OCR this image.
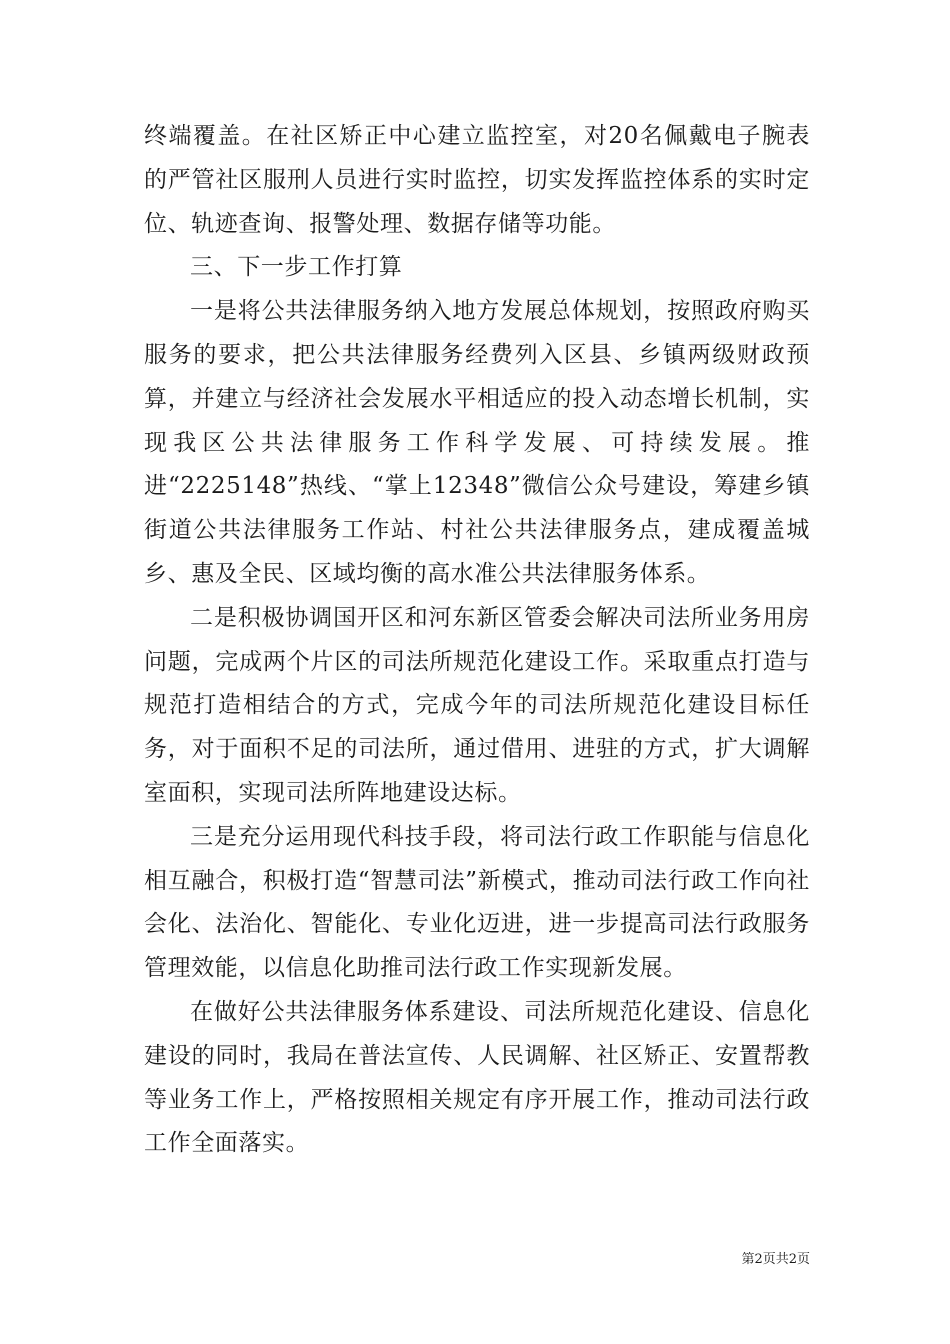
终端覆盖。在社区矫正中心建立监控室，对20名佩戴电子腕表的严管社区服刑人员进行实时监控，切实发挥监控体系的实时定位、轨迹查询、报警处理、数据存储等功能。

三、下一步工作打算

一是将公共法律服务纳入地方发展总体规划，按照政府购买服务的要求，把公共法律服务经费列入区县、乡镇两级财政预算，并建立与经济社会发展水平相适应的投入动态增长机制，实现我区公共法律服务工作科学发展、可持续发展。推进“2225148”热线、“掌上12348”微信公众号建设，筹建乡镇街道公共法律服务工作站、村社公共法律服务点，建成覆盖城乡、惠及全民、区域均衡的高水准公共法律服务体系。

二是积极协调国开区和河东新区管委会解决司法所业务用房问题，完成两个片区的司法所规范化建设工作。采取重点打造与规范打造相结合的方式，完成今年的司法所规范化建设目标任务，对于面积不足的司法所，通过借用、进驻的方式，扩大调解室面积，实现司法所阵地建设达标。

三是充分运用现代科技手段，将司法行政工作职能与信息化相互融合，积极打造“智慧司法”新模式，推动司法行政工作向社会化、法治化、智能化、专业化迈进，进一步提高司法行政服务管理效能，以信息化助推司法行政工作实现新发展。

在做好公共法律服务体系建设、司法所规范化建设、信息化建设的同时，我局在普法宣传、人民调解、社区矫正、安置帮教等业务工作上，严格按照相关规定有序开展工作，推动司法行政工作全面落实。

第2页共2页
